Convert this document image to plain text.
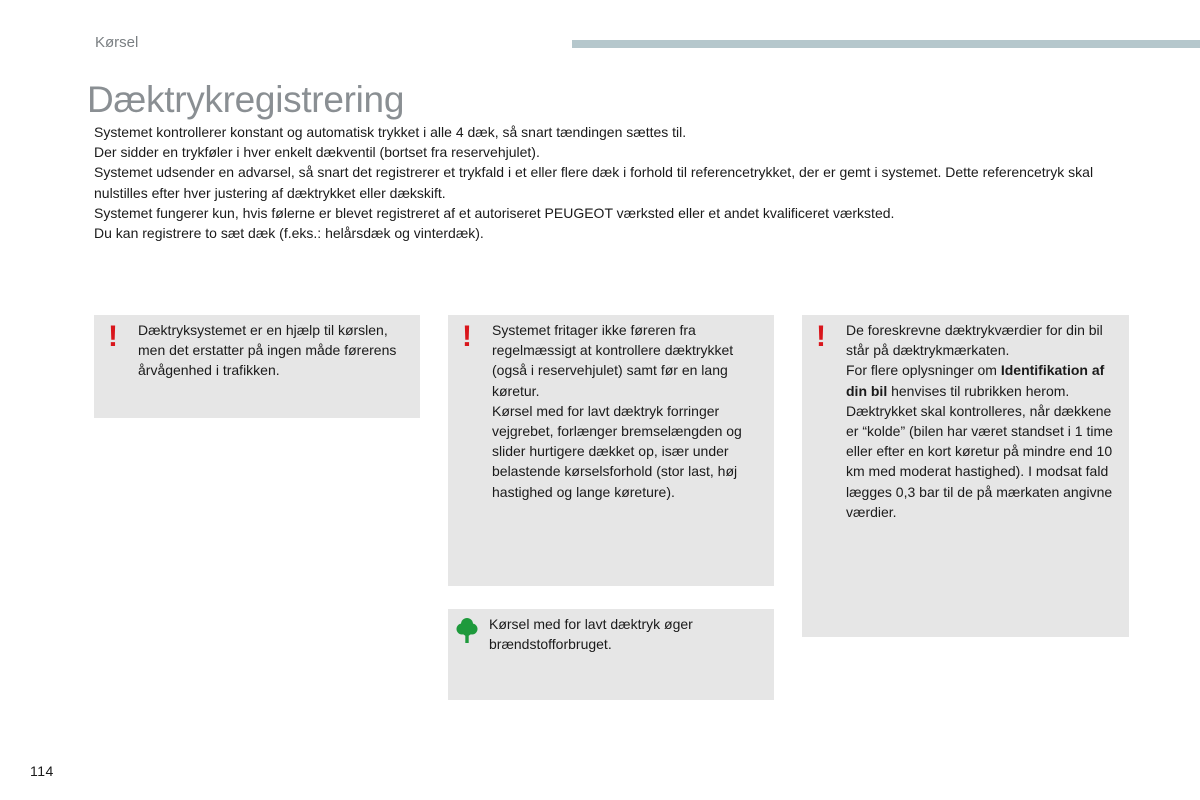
Kørsel
Dæktrykregistrering

Systemet kontrollerer konstant og automatisk trykket i alle 4 dæk, så snart tændingen sættes til.

Der sidder en trykføler i hver enkelt dækventil (bortset fra reservehjulet).

Systemet udsender en advarsel, så snart det registrerer et trykfald i et eller flere dæk i forhold til referencetrykket, der er gemt i systemet. Dette referencetryk skal nulstilles efter hver justering af dæktrykket eller dækskift.

Systemet fungerer kun, hvis følerne er blevet registreret af et autoriseret PEUGEOT værksted eller et andet kvalificeret værksted.

Du kan registrere to sæt dæk (f.eks.: helårsdæk og vinterdæk).

! Dæktryksystemet er en hjælp til kørslen, men det erstatter på ingen måde førerens årvågenhed i trafikken.

! Systemet fritager ikke føreren fra regelmæssigt at kontrollere dæktrykket (også i reservehjulet) samt før en lang køretur.

Kørsel med for lavt dæktryk forringer vejgrebet, forlænger bremselængden og slider hurtigere dækket op, især under belastende kørselsforhold (stor last, høj hastighed og lange køreture).

! De foreskrevne dæktrykværdier for din bil står på dæktrykmærkaten.

For flere oplysninger om Identifikation af din bil henvises til rubrikken herom.

Dæktrykket skal kontrolleres, når dækkene er “kolde” (bilen har været standset i 1 time eller efter en kort køretur på mindre end 10 km med moderat hastighed). I modsat fald lægges 0,3 bar til de på mærkaten angivne værdier.

Kørsel med for lavt dæktryk øger brændstofforbruget.

114
